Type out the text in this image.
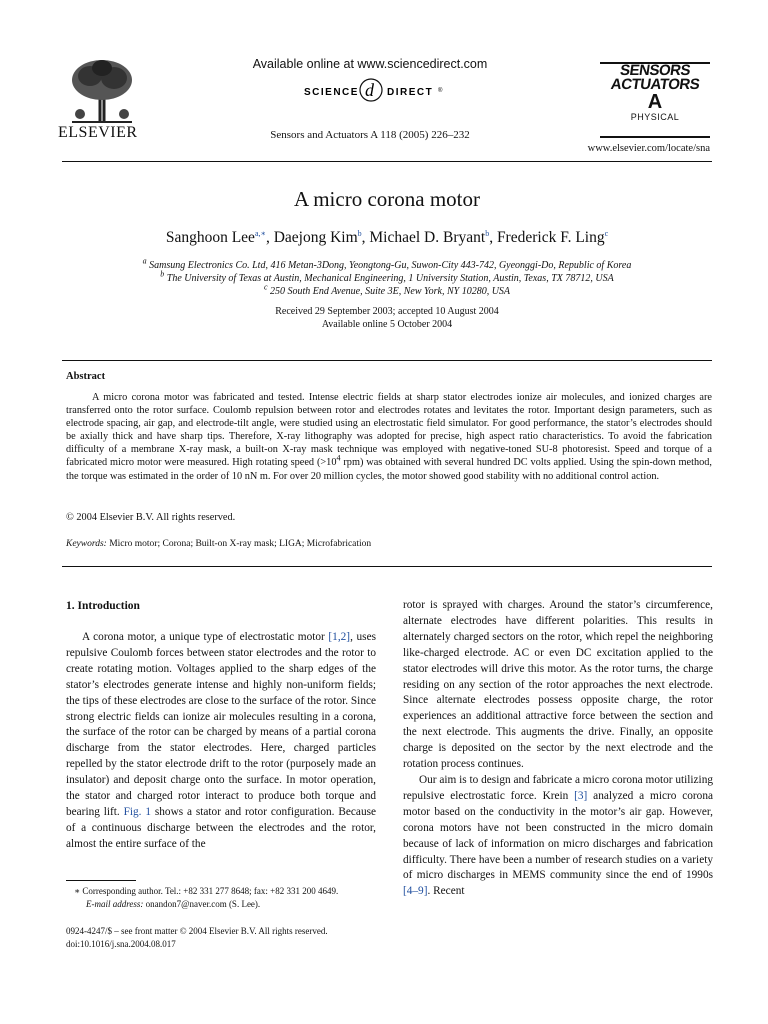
ELSEVIER
Available online at www.sciencedirect.com
SCIENCE d DIRECT ®
Sensors and Actuators A 118 (2005) 226–232
SENSORS
ACTUATORS
A
PHYSICAL
www.elsevier.com/locate/sna
A micro corona motor
Sanghoon Lee$^{a,∗}$, Daejong Kim$^b$, Michael D. Bryant$^b$, Frederick F. Ling$^c$
$^a$ Samsung Electronics Co. Ltd, 416 Metan-3Dong, Yeongtong-Gu, Suwon-City 443-742, Gyeonggi-Do, Republic of Korea
$^b$ The University of Texas at Austin, Mechanical Engineering, 1 University Station, Austin, Texas, TX 78712, USA
$^c$ 250 South End Avenue, Suite 3E, New York, NY 10280, USA
Received 29 September 2003; accepted 10 August 2004
Available online 5 October 2004
Abstract

A micro corona motor was fabricated and tested. Intense electric fields at sharp stator electrodes ionize air molecules, and ionized charges are transferred onto the rotor surface. Coulomb repulsion between rotor and electrodes rotates and levitates the rotor. Important design parameters, such as electrode spacing, air gap, and electrode-tilt angle, were studied using an electrostatic field simulator. For good performance, the stator’s electrodes should be axially thick and have sharp tips. Therefore, X-ray lithography was adopted for precise, high aspect ratio characteristics. To avoid the fabrication difficulty of a membrane X-ray mask, a built-on X-ray mask technique was employed with negative-toned SU-8 photoresist. Speed and torque of a fabricated micro motor were measured. High rotating speed ($>10^4$ rpm) was obtained with several hundred DC volts applied. Using the spin-down method, the torque was estimated in the order of 10 nN m. For over 20 million cycles, the motor showed good stability with no additional control action.

© 2004 Elsevier B.V. All rights reserved.
Keywords: Micro motor; Corona; Built-on X-ray mask; LIGA; Microfabrication
1. Introduction

A corona motor, a unique type of electrostatic motor [1,2], uses repulsive Coulomb forces between stator electrodes and the rotor to create rotating motion. Voltages applied to the sharp edges of the stator’s electrodes generate intense and highly non-uniform fields; the tips of these electrodes are close to the surface of the rotor. Since strong electric fields can ionize air molecules resulting in a corona, the surface of the rotor can be charged by means of a partial corona discharge from the stator electrodes. Here, charged particles repelled by the stator electrode drift to the rotor (purposely made an insulator) and deposit charge onto the surface. In motor operation, the stator and charged rotor interact to produce both torque and bearing lift. Fig. 1 shows a stator and rotor configuration. Because of a continuous discharge between the electrodes and the rotor, almost the entire surface of the

rotor is sprayed with charges. Around the stator’s circumference, alternate electrodes have different polarities. This results in alternately charged sectors on the rotor, which repel the neighboring like-charged electrode. AC or even DC excitation applied to the stator electrodes will drive this motor. As the rotor turns, the charge residing on any section of the rotor approaches the next electrode. Since alternate electrodes possess opposite charge, the rotor experiences an additional attractive force between the section and the next electrode. This augments the drive. Finally, an opposite charge is deposited on the sector by the next electrode and the rotation process continues.

Our aim is to design and fabricate a micro corona motor utilizing repulsive electrostatic force. Krein [3] analyzed a micro corona motor based on the conductivity in the motor’s air gap. However, corona motors have not been constructed in the micro domain because of lack of information on micro discharges and fabrication difficulty. There have been a number of research studies on a variety of micro discharges in MEMS community since the end of 1990s [4–9]. Recent

∗ Corresponding author. Tel.: +82 331 277 8648; fax: +82 331 200 4649.
E-mail address: onandon7@naver.com (S. Lee).
0924-4247/$ – see front matter © 2004 Elsevier B.V. All rights reserved.
doi:10.1016/j.sna.2004.08.017
